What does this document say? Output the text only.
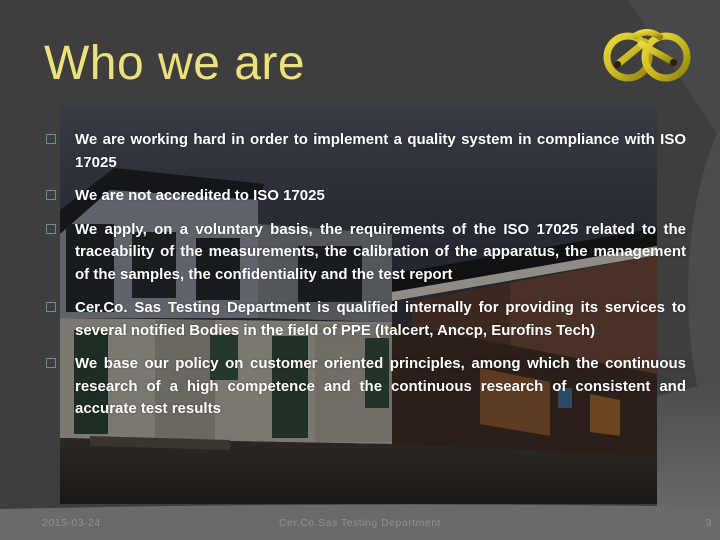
Who we are

We are working hard in order to implement a quality system in compliance with ISO 17025

We are not accredited to ISO 17025

We apply, on a voluntary basis, the requirements of the ISO 17025 related to the traceability of the measurements, the calibration of the apparatus, the management of the samples, the confidentiality and the test report

Cer.Co. Sas Testing Department is qualified internally for providing its services to several notified Bodies in the field of PPE (Italcert, Anccp, Eurofins Tech)

We base our policy on customer oriented principles, among which the continuous research of a high competence and the continuous research of consistent and accurate test results

2015-03-24	Cer.Co.Sas Testing Department	3
